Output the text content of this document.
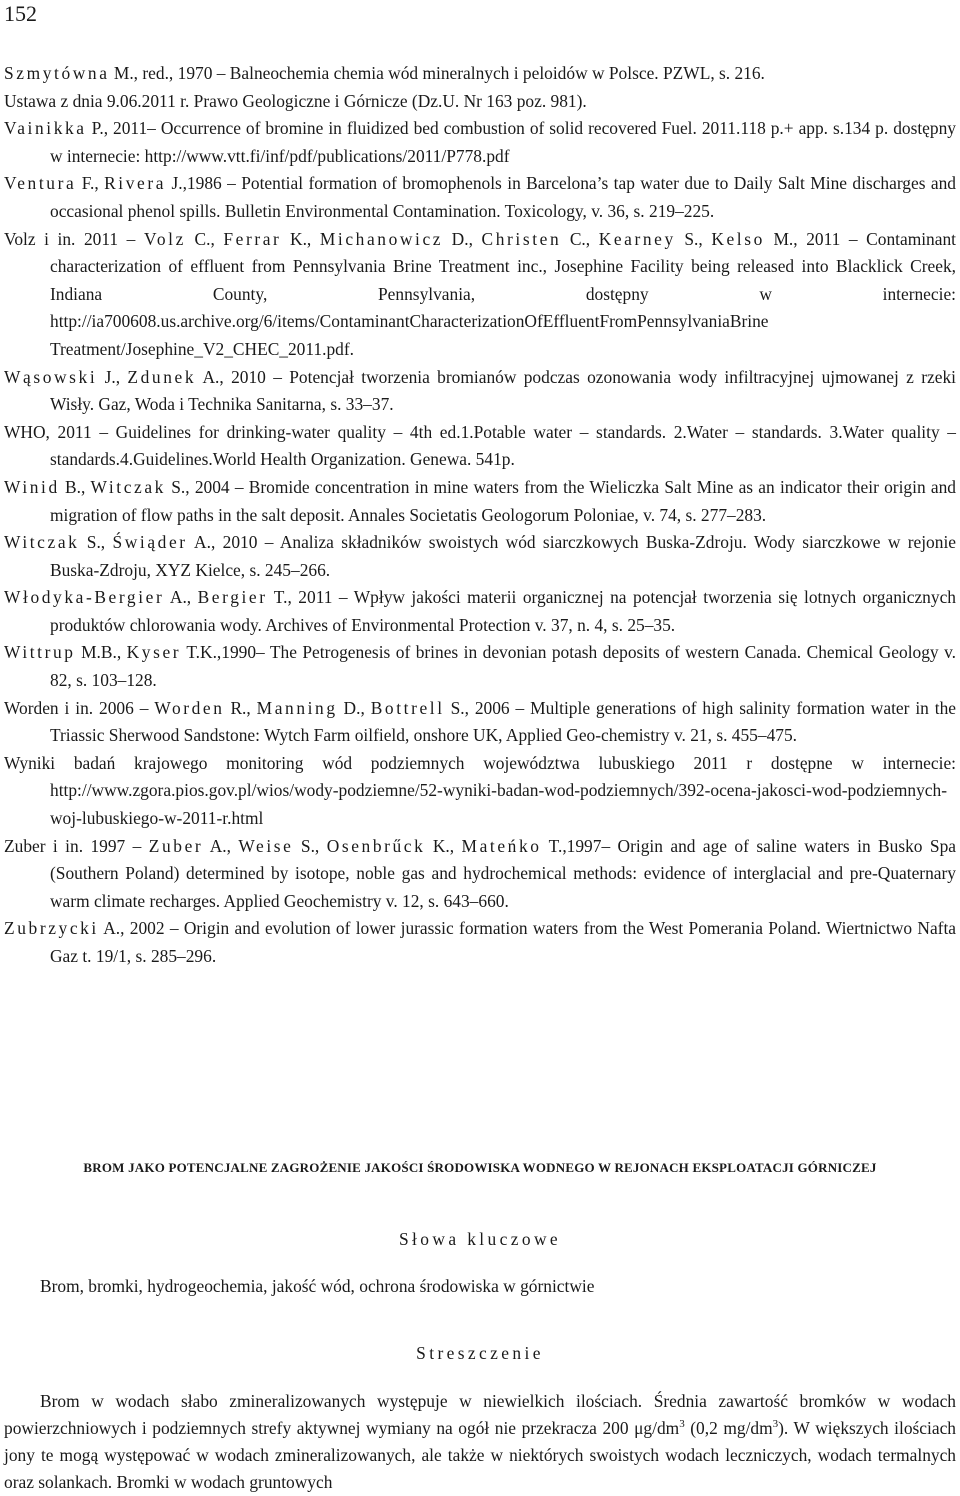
152

Szmytówna M., red., 1970 – Balneochemia chemia wód mineralnych i peloidów w Polsce. PZWL, s. 216.

Ustawa z dnia 9.06.2011 r. Prawo Geologiczne i Górnicze (Dz.U. Nr 163 poz. 981).

Vainikka P., 2011– Occurrence of bromine in fluidized bed combustion of solid recovered Fuel. 2011.118 p.+ app. s.134 p. dostępny w internecie: http://www.vtt.fi/inf/pdf/publications/2011/P778.pdf

Ventura F., Rivera J.,1986 – Potential formation of bromophenols in Barcelona’s tap water due to Daily Salt Mine discharges and occasional phenol spills. Bulletin Environmental Contamination. Toxicology, v. 36, s. 219–225.

Volz i in. 2011 – Volz C., Ferrar K., Michanowicz D., Christen C., Kearney S., Kelso M., 2011 – Contaminant characterization of effluent from Pennsylvania Brine Treatment inc., Josephine Facility being released into Blacklick Creek, Indiana County, Pennsylvania, dostępny w internecie: http://ia700608.us.archive.org/6/items/ContaminantCharacterizationOfEffluentFromPennsylvaniaBrine Treatment/Josephine_V2_CHEC_2011.pdf.

Wąsowski J., Zdunek A., 2010 – Potencjał tworzenia bromianów podczas ozonowania wody infiltracyjnej ujmowanej z rzeki Wisły. Gaz, Woda i Technika Sanitarna, s. 33–37.

WHO, 2011 – Guidelines for drinking-water quality – 4th ed.1.Potable water – standards. 2.Water – standards. 3.Water quality – standards.4.Guidelines.World Health Organization. Genewa. 541p.

Winid B., Witczak S., 2004 – Bromide concentration in mine waters from the Wieliczka Salt Mine as an indicator their origin and migration of flow paths in the salt deposit. Annales Societatis Geologorum Poloniae, v. 74, s. 277–283.

Witczak S., Świąder A., 2010 – Analiza składników swoistych wód siarczkowych Buska-Zdroju. Wody siarczkowe w rejonie Buska-Zdroju, XYZ Kielce, s. 245–266.

Włodyka-Bergier A., Bergier T., 2011 – Wpływ jakości materii organicznej na potencjał tworzenia się lotnych organicznych produktów chlorowania wody. Archives of Environmental Protection v. 37, n. 4, s. 25–35.

Wittrup M.B., Kyser T.K.,1990– The Petrogenesis of brines in devonian potash deposits of western Canada. Chemical Geology v. 82, s. 103–128.

Worden i in. 2006 – Worden R., Manning D., Bottrell S., 2006 – Multiple generations of high salinity formation water in the Triassic Sherwood Sandstone: Wytch Farm oilfield, onshore UK, Applied Geo-chemistry v. 21, s. 455–475.

Wyniki badań krajowego monitoring wód podziemnych województwa lubuskiego 2011 r dostępne w internecie: http://www.zgora.pios.gov.pl/wios/wody-podziemne/52-wyniki-badan-wod-podziemnych/392-ocena-jakosci-wod-podziemnych-woj-lubuskiego-w-2011-r.html

Zuber i in. 1997 – Zuber A., Weise S., Osenbrűck K., Mateńko T.,1997– Origin and age of saline waters in Busko Spa (Southern Poland) determined by isotope, noble gas and hydrochemical methods: evidence of interglacial and pre-Quaternary warm climate recharges. Applied Geochemistry v. 12, s. 643–660.

Zubrzycki A., 2002 – Origin and evolution of lower jurassic formation waters from the West Pomerania Poland. Wiertnictwo Nafta Gaz t. 19/1, s. 285–296.

BROM JAKO POTENCJALNE ZAGROŻENIE JAKOŚCI ŚRODOWISKA WODNEGO W REJONACH EKSPLOATACJI GÓRNICZEJ
Słowa kluczowe
Brom, bromki, hydrogeochemia, jakość wód, ochrona środowiska w górnictwie
Streszczenie

Brom w wodach słabo zmineralizowanych występuje w niewielkich ilościach. Średnia zawartość bromków w wodach powierzchniowych i podziemnych strefy aktywnej wymiany na ogół nie przekracza 200 $\mu g/dm^3$ (0,2 $mg/dm^3$). W większych ilościach jony te mogą występować w wodach zmineralizowanych, ale także w niektórych swoistych wodach leczniczych, wodach termalnych oraz solankach. Bromki w wodach gruntowych
